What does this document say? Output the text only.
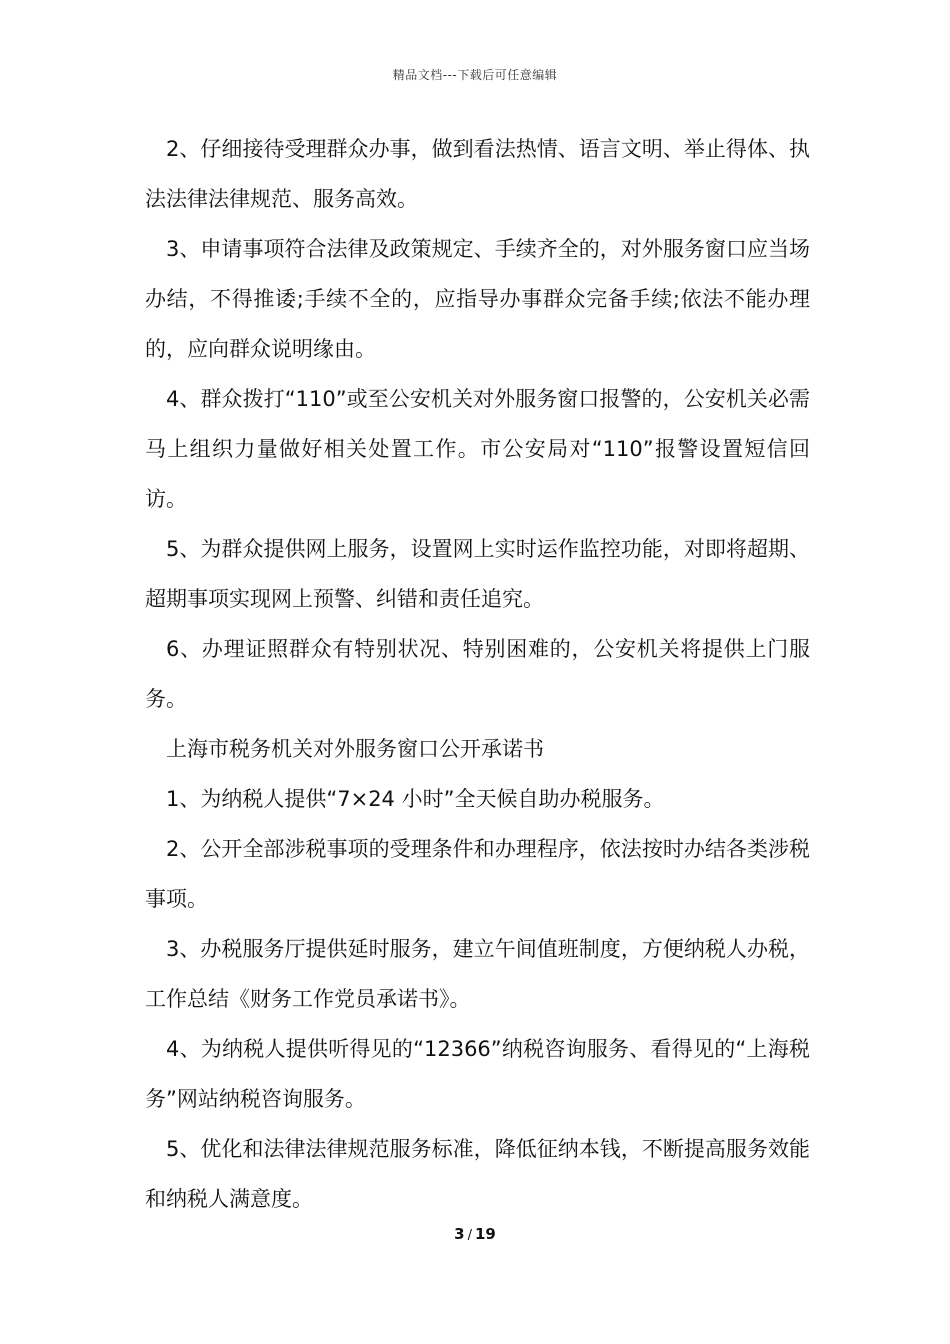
精品文档---下载后可任意编辑

2、仔细接待受理群众办事，做到看法热情、语言文明、举止得体、执法法律法律规范、服务高效。

3、申请事项符合法律及政策规定、手续齐全的，对外服务窗口应当场办结，不得推诿;手续不全的，应指导办事群众完备手续;依法不能办理的，应向群众说明缘由。

4、群众拨打“110”或至公安机关对外服务窗口报警的，公安机关必需马上组织力量做好相关处置工作。市公安局对“110”报警设置短信回访。

5、为群众提供网上服务，设置网上实时运作监控功能，对即将超期、超期事项实现网上预警、纠错和责任追究。

6、办理证照群众有特别状况、特别困难的，公安机关将提供上门服务。

上海市税务机关对外服务窗口公开承诺书

1、为纳税人提供“7×24 小时”全天候自助办税服务。

2、公开全部涉税事项的受理条件和办理程序，依法按时办结各类涉税事项。

3、办税服务厅提供延时服务，建立午间值班制度，方便纳税人办税，工作总结《财务工作党员承诺书》。

4、为纳税人提供听得见的“12366”纳税咨询服务、看得见的“上海税务”网站纳税咨询服务。

5、优化和法律法律规范服务标准，降低征纳本钱，不断提高服务效能和纳税人满意度。

3 / 19
